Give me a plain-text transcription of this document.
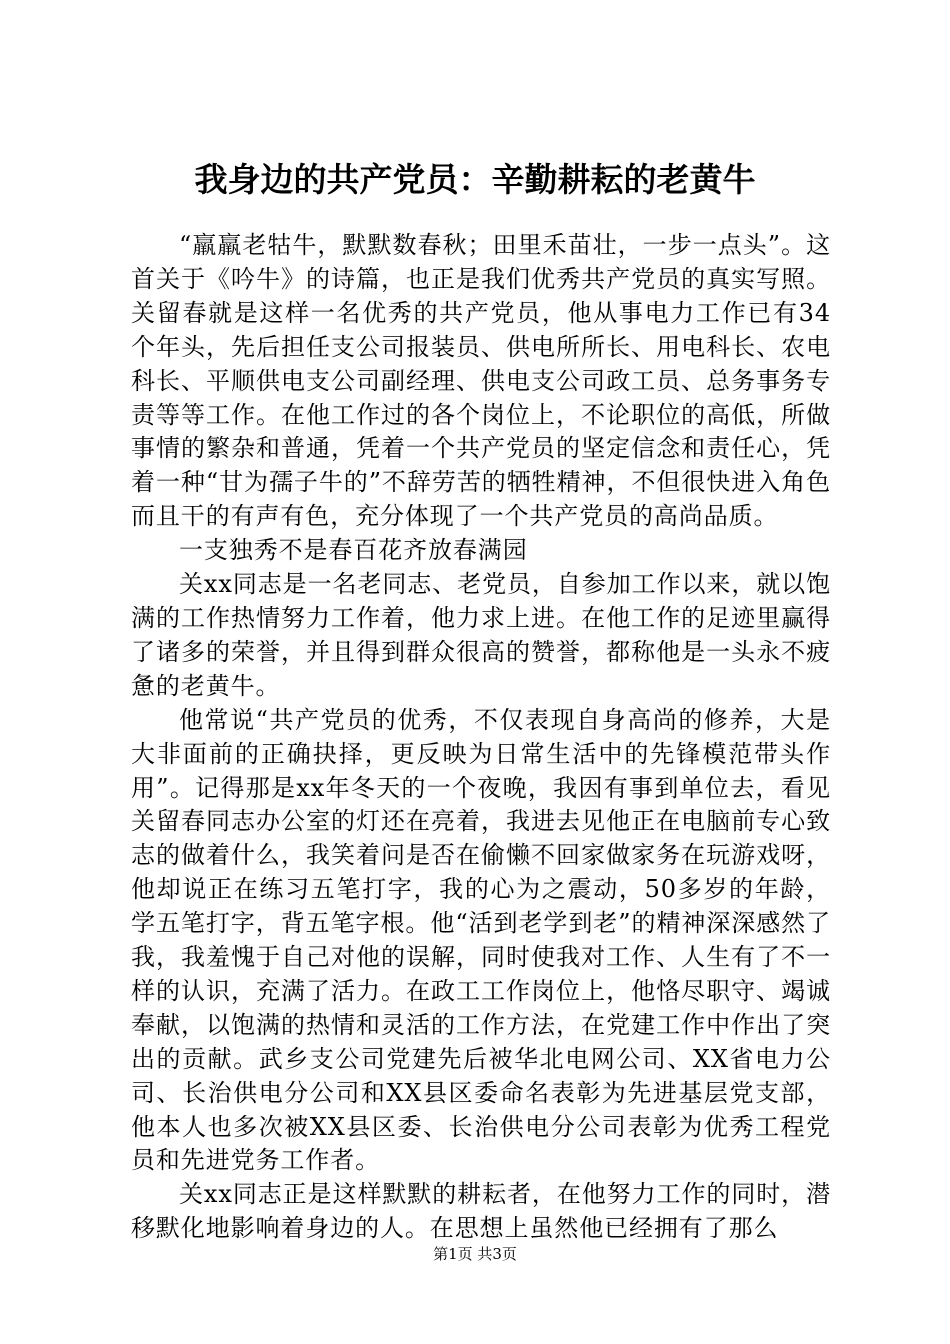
我身边的共产党员：辛勤耕耘的老黄牛

“羸羸老牯牛，默默数春秋；田里禾苗壮，一步一点头”。这首关于《吟牛》的诗篇，也正是我们优秀共产党员的真实写照。关留春就是这样一名优秀的共产党员，他从事电力工作已有34个年头，先后担任支公司报装员、供电所所长、用电科长、农电科长、平顺供电支公司副经理、供电支公司政工员、总务事务专责等等工作。在他工作过的各个岗位上，不论职位的高低，所做事情的繁杂和普通，凭着一个共产党员的坚定信念和责任心，凭着一种“甘为孺子牛的”不辞劳苦的牺牲精神，不但很快进入角色而且干的有声有色，充分体现了一个共产党员的高尚品质。

一支独秀不是春百花齐放春满园

关xx同志是一名老同志、老党员，自参加工作以来，就以饱满的工作热情努力工作着，他力求上进。在他工作的足迹里赢得了诸多的荣誉，并且得到群众很高的赞誉，都称他是一头永不疲惫的老黄牛。

他常说“共产党员的优秀，不仅表现自身高尚的修养，大是大非面前的正确抉择，更反映为日常生活中的先锋模范带头作用”。记得那是xx年冬天的一个夜晚，我因有事到单位去，看见关留春同志办公室的灯还在亮着，我进去见他正在电脑前专心致志的做着什么，我笑着问是否在偷懒不回家做家务在玩游戏呀，他却说正在练习五笔打字，我的心为之震动，50多岁的年龄，学五笔打字，背五笔字根。他“活到老学到老”的精神深深感然了我，我羞愧于自己对他的误解，同时使我对工作、人生有了不一样的认识，充满了活力。在政工工作岗位上，他恪尽职守、竭诚奉献，以饱满的热情和灵活的工作方法，在党建工作中作出了突出的贡献。武乡支公司党建先后被华北电网公司、XX省电力公司、长治供电分公司和XX县区委命名表彰为先进基层党支部，他本人也多次被XX县区委、长治供电分公司表彰为优秀工程党员和先进党务工作者。

关xx同志正是这样默默的耕耘者，在他努力工作的同时，潜移默化地影响着身边的人。在思想上虽然他已经拥有了那么

第1页 共3页
